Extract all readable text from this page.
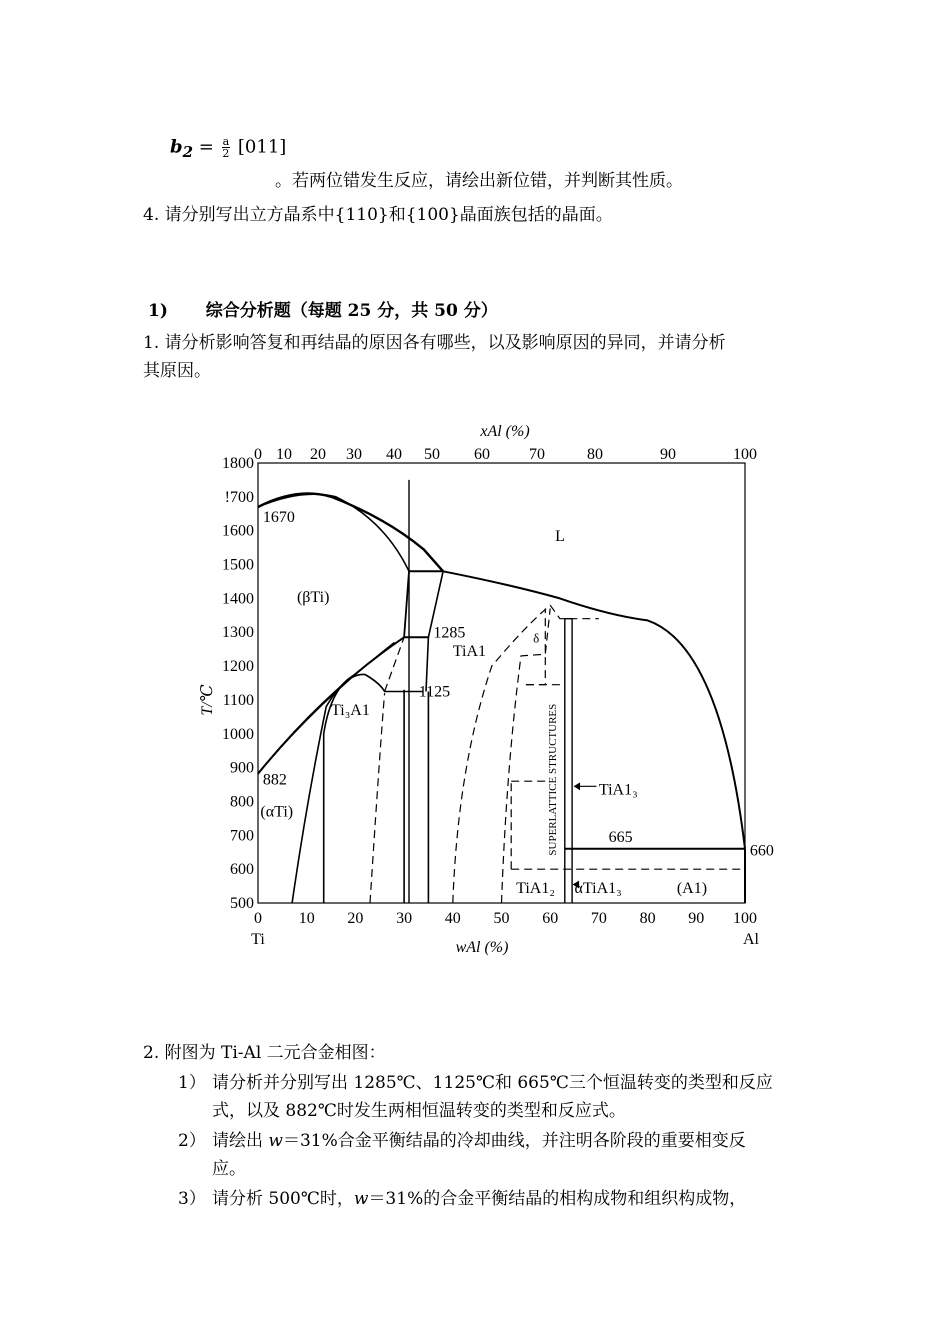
$b_2 = \frac{a}{2} [011]$
。若两位错发生反应，请绘出新位错，并判断其性质。
4. 请分别写出立方晶系中{110}和{100}晶面族包括的晶面。
1) 综合分析题（每题 25 分，共 50 分）
1. 请分析影响答复和再结晶的原因各有哪些，以及影响原因的异同，并请分析
其原因。
1800
!700
1600
1500
1400
1300
1200
1100
1000
900
800
700
600
500
0 10 20 30 40 50 60 70 80 90 100
0 10 20 30 40 50 60 70	80	90	100
xAl (%)
wAl (%)
T/℃
Ti	Al
1670
L
(βTi)
1285
TiA1
1125
Ti₃A1
882
(αTi)	SUPERLATTICE STRUCTURES TiA1₃
665
660
TiA1₂ αTiA1₃	(A1)
δ
2. 附图为 Ti-Al 二元合金相图：
1） 请分析并分别写出 1285℃、1125℃和 665℃三个恒温转变的类型和反应
式，以及 882℃时发生两相恒温转变的类型和反应式。
2） 请绘出 w＝31%合金平衡结晶的冷却曲线，并注明各阶段的重要相变反
应。
3） 请分析 500℃时，w＝31%的合金平衡结晶的相构成物和组织构成物，
